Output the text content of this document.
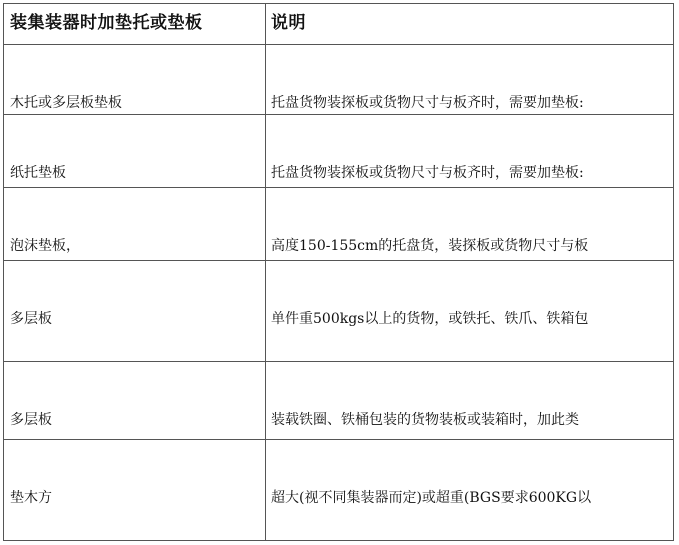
装集装器时加垫托或垫板	说明

木托或多层板垫板

	托盘货物装探板或货物尺寸与板齐时，需要加垫板:

纸托垫板

	托盘货物装探板或货物尺寸与板齐时，需要加垫板:

泡沫垫板，

	高度150-155cm的托盘货，装探板或货物尺寸与板

多层板

	单件重500kgs以上的货物，或铁托、铁爪、铁箱包

多层板

	装载铁圈、铁桶包装的货物装板或装箱时，加此类

垫木方

	超大(视不同集装器而定)或超重(BGS要求600KG以
